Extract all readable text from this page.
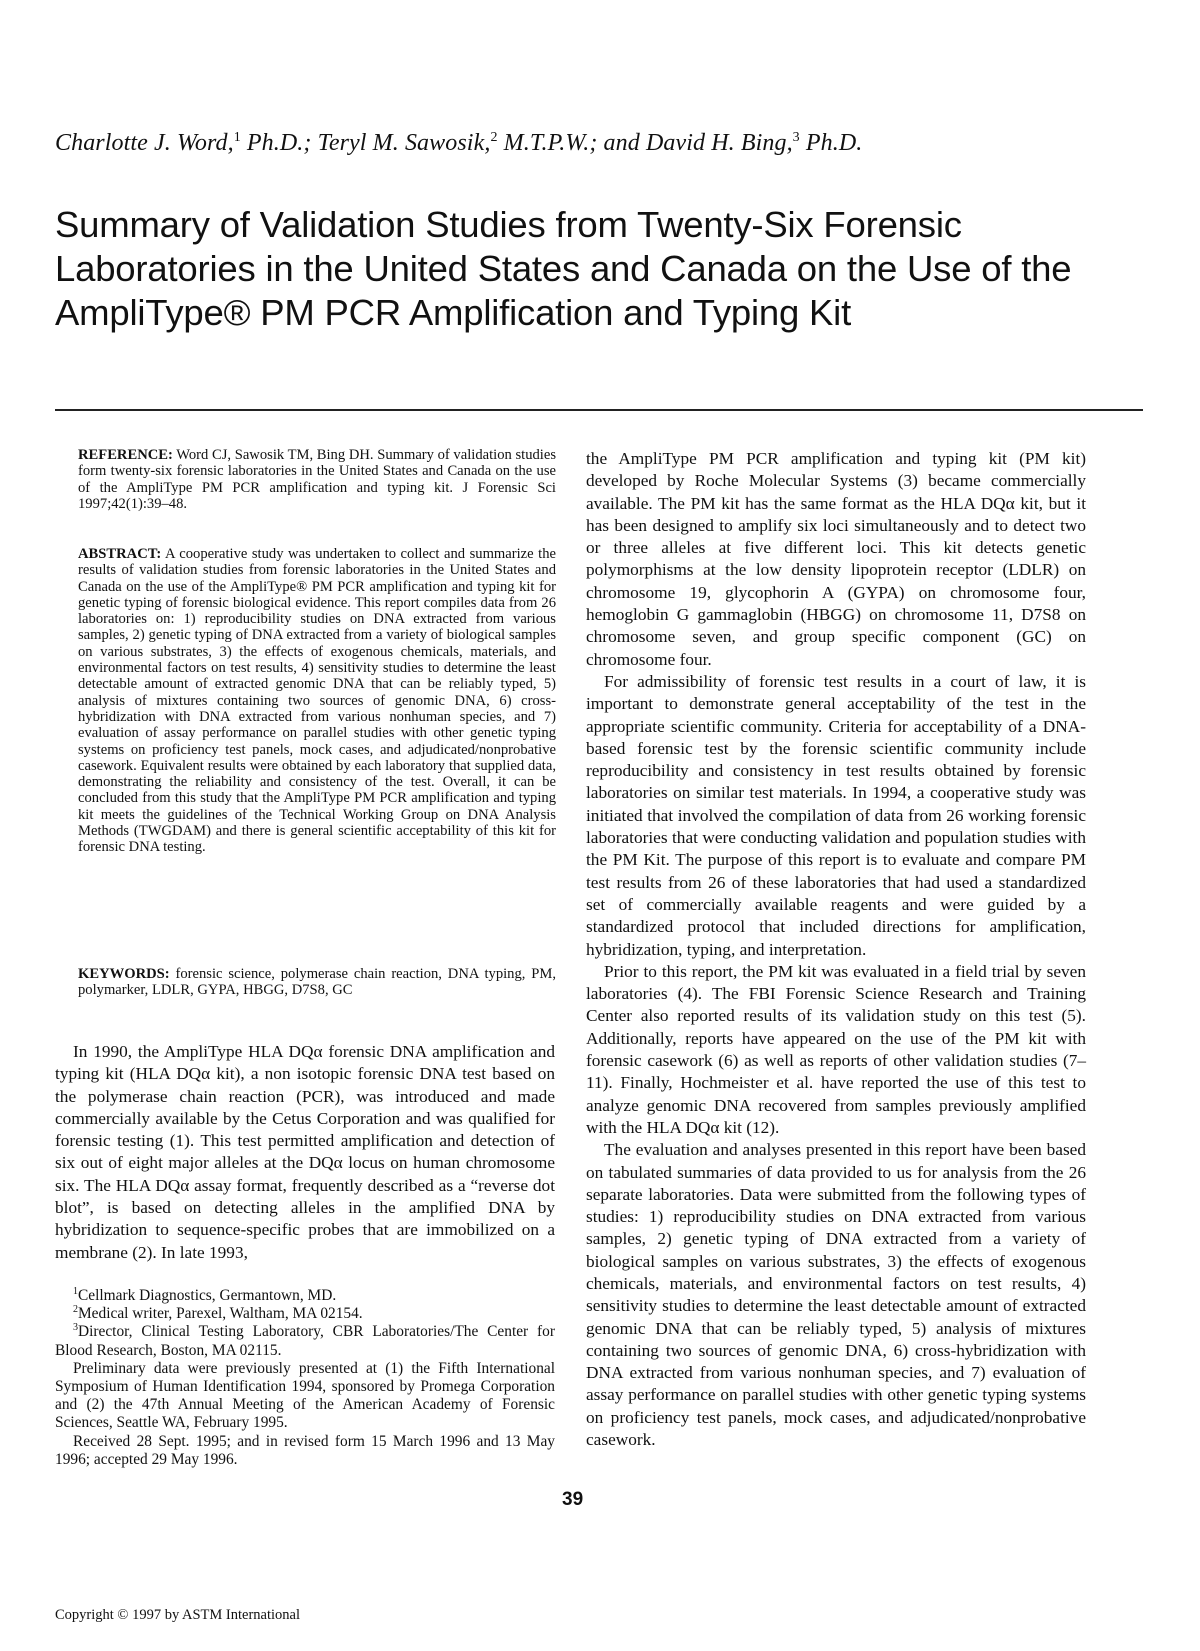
Charlotte J. Word,$^1$ Ph.D.; Teryl M. Sawosik,$^2$ M.T.P.W.; and David H. Bing,$^3$ Ph.D.
Summary of Validation Studies from Twenty-Six Forensic Laboratories in the United States and Canada on the Use of the AmpliType® PM PCR Amplification and Typing Kit
REFERENCE: Word CJ, Sawosik TM, Bing DH. Summary of validation studies form twenty-six forensic laboratories in the United States and Canada on the use of the AmpliType PM PCR amplification and typing kit. J Forensic Sci 1997;42(1):39–48.
ABSTRACT: A cooperative study was undertaken to collect and summarize the results of validation studies from forensic laboratories in the United States and Canada on the use of the AmpliType® PM PCR amplification and typing kit for genetic typing of forensic biological evidence. This report compiles data from 26 laboratories on: 1) reproducibility studies on DNA extracted from various samples, 2) genetic typing of DNA extracted from a variety of biological samples on various substrates, 3) the effects of exogenous chemicals, materials, and environmental factors on test results, 4) sensitivity studies to determine the least detectable amount of extracted genomic DNA that can be reliably typed, 5) analysis of mixtures containing two sources of genomic DNA, 6) cross-hybridization with DNA extracted from various nonhuman species, and 7) evaluation of assay performance on parallel studies with other genetic typing systems on proficiency test panels, mock cases, and adjudicated/nonprobative casework. Equivalent results were obtained by each laboratory that supplied data, demonstrating the reliability and consistency of the test. Overall, it can be concluded from this study that the AmpliType PM PCR amplification and typing kit meets the guidelines of the Technical Working Group on DNA Analysis Methods (TWGDAM) and there is general scientific acceptability of this kit for forensic DNA testing.
KEYWORDS: forensic science, polymerase chain reaction, DNA typing, PM, polymarker, LDLR, GYPA, HBGG, D7S8, GC

In 1990, the AmpliType HLA DQα forensic DNA amplification and typing kit (HLA DQα kit), a non isotopic forensic DNA test based on the polymerase chain reaction (PCR), was introduced and made commercially available by the Cetus Corporation and was qualified for forensic testing (1). This test permitted amplification and detection of six out of eight major alleles at the DQα locus on human chromosome six. The HLA DQα assay format, frequently described as a “reverse dot blot”, is based on detecting alleles in the amplified DNA by hybridization to sequence-specific probes that are immobilized on a membrane (2). In late 1993,

$^1$Cellmark Diagnostics, Germantown, MD.

$^2$Medical writer, Parexel, Waltham, MA 02154.

$^3$Director, Clinical Testing Laboratory, CBR Laboratories/The Center for Blood Research, Boston, MA 02115.

Preliminary data were previously presented at (1) the Fifth International Symposium of Human Identification 1994, sponsored by Promega Corporation and (2) the 47th Annual Meeting of the American Academy of Forensic Sciences, Seattle WA, February 1995.

Received 28 Sept. 1995; and in revised form 15 March 1996 and 13 May 1996; accepted 29 May 1996.

the AmpliType PM PCR amplification and typing kit (PM kit) developed by Roche Molecular Systems (3) became commercially available. The PM kit has the same format as the HLA DQα kit, but it has been designed to amplify six loci simultaneously and to detect two or three alleles at five different loci. This kit detects genetic polymorphisms at the low density lipoprotein receptor (LDLR) on chromosome 19, glycophorin A (GYPA) on chromosome four, hemoglobin G gammaglobin (HBGG) on chromosome 11, D7S8 on chromosome seven, and group specific component (GC) on chromosome four.

For admissibility of forensic test results in a court of law, it is important to demonstrate general acceptability of the test in the appropriate scientific community. Criteria for acceptability of a DNA-based forensic test by the forensic scientific community include reproducibility and consistency in test results obtained by forensic laboratories on similar test materials. In 1994, a cooperative study was initiated that involved the compilation of data from 26 working forensic laboratories that were conducting validation and population studies with the PM Kit. The purpose of this report is to evaluate and compare PM test results from 26 of these laboratories that had used a standardized set of commercially available reagents and were guided by a standardized protocol that included directions for amplification, hybridization, typing, and interpretation.

Prior to this report, the PM kit was evaluated in a field trial by seven laboratories (4). The FBI Forensic Science Research and Training Center also reported results of its validation study on this test (5). Additionally, reports have appeared on the use of the PM kit with forensic casework (6) as well as reports of other validation studies (7–11). Finally, Hochmeister et al. have reported the use of this test to analyze genomic DNA recovered from samples previously amplified with the HLA DQα kit (12).

The evaluation and analyses presented in this report have been based on tabulated summaries of data provided to us for analysis from the 26 separate laboratories. Data were submitted from the following types of studies: 1) reproducibility studies on DNA extracted from various samples, 2) genetic typing of DNA extracted from a variety of biological samples on various substrates, 3) the effects of exogenous chemicals, materials, and environmental factors on test results, 4) sensitivity studies to determine the least detectable amount of extracted genomic DNA that can be reliably typed, 5) analysis of mixtures containing two sources of genomic DNA, 6) cross-hybridization with DNA extracted from various nonhuman species, and 7) evaluation of assay performance on parallel studies with other genetic typing systems on proficiency test panels, mock cases, and adjudicated/nonprobative casework.

39
Copyright © 1997 by ASTM International
